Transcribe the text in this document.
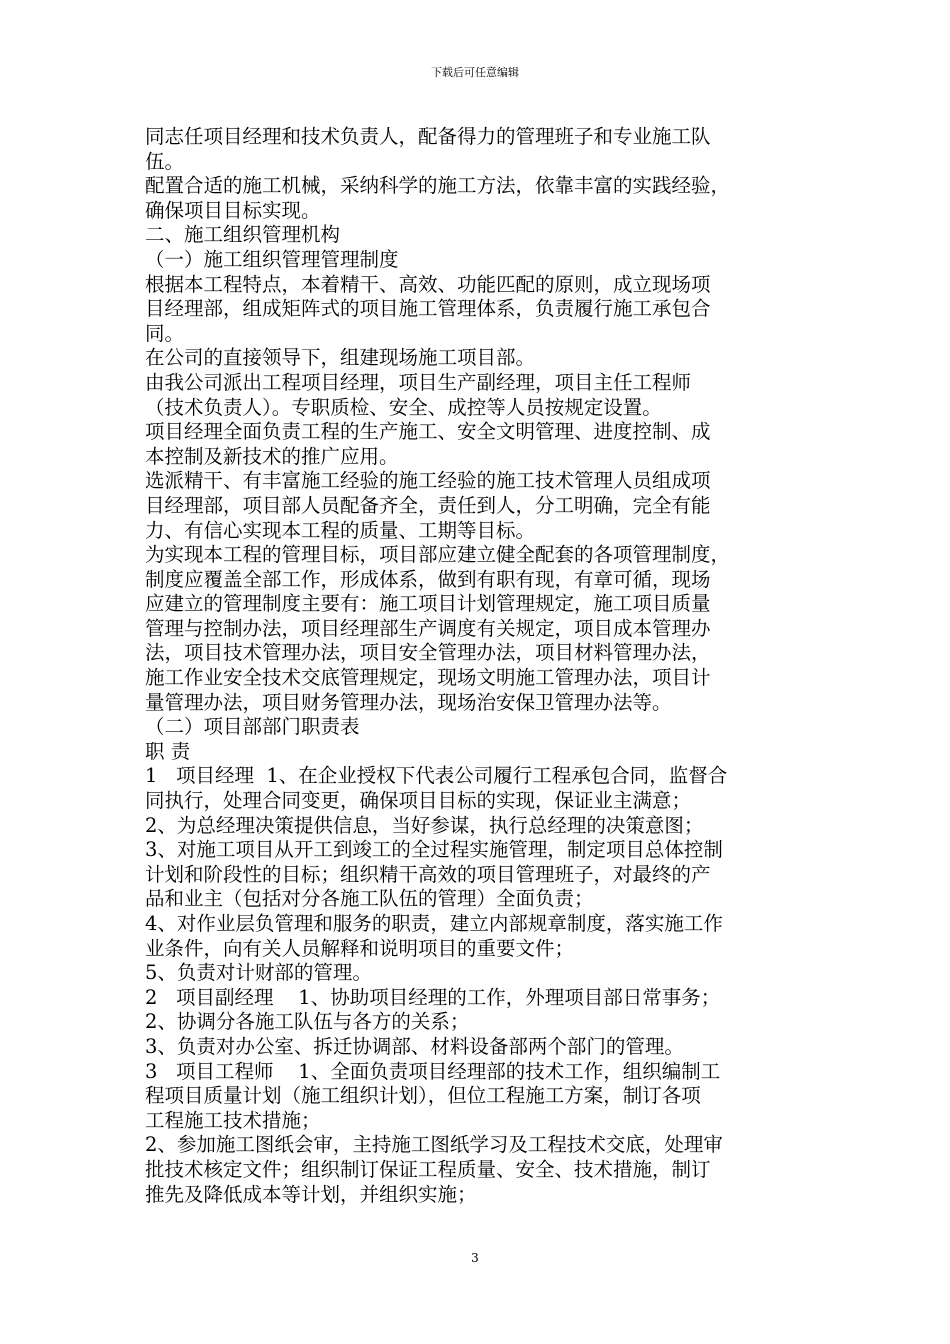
下载后可任意编辑

同志任项目经理和技术负责人，配备得力的管理班子和专业施工队

伍。

配置合适的施工机械，采纳科学的施工方法，依靠丰富的实践经验，

确保项目目标实现。

二、施工组织管理机构

（一）施工组织管理管理制度

根据本工程特点，本着精干、高效、功能匹配的原则，成立现场项

目经理部，组成矩阵式的项目施工管理体系，负责履行施工承包合

同。

在公司的直接领导下，组建现场施工项目部。

由我公司派出工程项目经理，项目生产副经理，项目主任工程师

（技术负责人）。专职质检、安全、成控等人员按规定设置。

项目经理全面负责工程的生产施工、安全文明管理、进度控制、成

本控制及新技术的推广应用。

选派精干、有丰富施工经验的施工经验的施工技术管理人员组成项

目经理部，项目部人员配备齐全，责任到人，分工明确，完全有能

力、有信心实现本工程的质量、工期等目标。

为实现本工程的管理目标，项目部应建立健全配套的各项管理制度，

制度应覆盖全部工作，形成体系，做到有职有现，有章可循，现场

应建立的管理制度主要有：施工项目计划管理规定，施工项目质量

管理与控制办法，项目经理部生产调度有关规定，项目成本管理办

法，项目技术管理办法，项目安全管理办法，项目材料管理办法，

施工作业安全技术交底管理规定，现场文明施工管理办法，项目计

量管理办法，项目财务管理办法，现场治安保卫管理办法等。

（二）项目部部门职责表

职 责

1   项目经理  1、在企业授权下代表公司履行工程承包合同，监督合

同执行，处理合同变更，确保项目目标的实现，保证业主满意；

2、为总经理决策提供信息，当好参谋，执行总经理的决策意图；

3、对施工项目从开工到竣工的全过程实施管理，制定项目总体控制

计划和阶段性的目标；组织精干高效的项目管理班子，对最终的产

品和业主（包括对分各施工队伍的管理）全面负责；

4、对作业层负管理和服务的职责，建立内部规章制度，落实施工作

业条件，向有关人员解释和说明项目的重要文件；

5、负责对计财部的管理。

2   项目副经理    1、协助项目经理的工作，外理项目部日常事务；

2、协调分各施工队伍与各方的关系；

3、负责对办公室、拆迁协调部、材料设备部两个部门的管理。

3   项目工程师    1、全面负责项目经理部的技术工作，组织编制工

程项目质量计划（施工组织计划），但位工程施工方案，制订各项

工程施工技术措施；

2、参加施工图纸会审，主持施工图纸学习及工程技术交底，处理审

批技术核定文件；组织制订保证工程质量、安全、技术措施，制订

推先及降低成本等计划，并组织实施；

3
